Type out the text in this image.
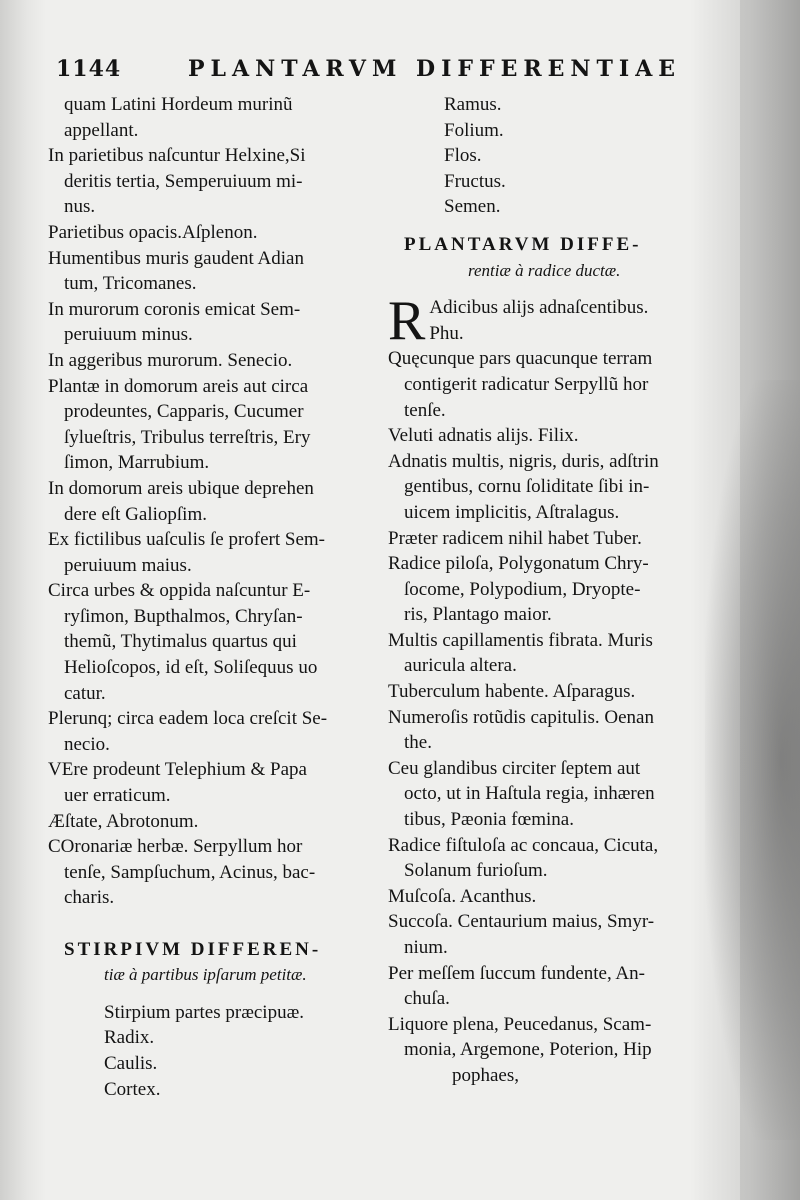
1144	PLANTARVM DIFFERENTIAE
quam Latini Hordeum murinũ
appellant.
In parietibus naſcuntur Helxine,Si
deritis tertia, Semperuiuum mi-
nus.
Parietibus opacis.Aſplenon.
Humentibus muris gaudent Adian
tum, Tricomanes.
In murorum coronis emicat Sem-
peruiuum minus.
In aggeribus murorum. Senecio.
Plantæ in domorum areis aut circa
prodeuntes, Capparis, Cucumer
ſylueſtris, Tribulus terreſtris, Ery
ſimon, Marrubium.
In domorum areis ubique deprehen
dere eſt Galiopſim.
Ex fictilibus uaſculis ſe profert Sem-
peruiuum maius.
Circa urbes & oppida naſcuntur E-
ryſimon, Bupthalmos, Chryſan-
themũ, Thytimalus quartus qui
Helioſcopos, id eſt, Soliſequus uo
catur.
Plerunq; circa eadem loca creſcit Se-
necio.
VEre prodeunt Telephium & Papa
uer erraticum.
Æſtate, Abrotonum.
COronariæ herbæ. Serpyllum hor
tenſe, Sampſuchum, Acinus, bac-
charis.
STIRPIVM DIFFEREN-
tiæ à partibus ipſarum petitæ.
Stirpium partes præcipuæ.
Radix.
Caulis.
Cortex.
Ramus.
Folium.
Flos.
Fructus.
Semen.
PLANTARVM DIFFE-
rentiæ à radice ductæ.
R Adicibus alijs adnaſcentibus.
Phu.
Quęcunque pars quacunque terram
contigerit radicatur Serpyllũ hor
tenſe.
Veluti adnatis alijs. Filix.
Adnatis multis, nigris, duris, adſtrin
gentibus, cornu ſoliditate ſibi in-
uicem implicitis, Aſtralagus.
Præter radicem nihil habet Tuber.
Radice piloſa, Polygonatum Chry-
ſocome, Polypodium, Dryopte-
ris, Plantago maior.
Multis capillamentis fibrata. Muris
auricula altera.
Tuberculum habente. Aſparagus.
Numeroſis rotũdis capitulis. Oenan
the.
Ceu glandibus circiter ſeptem aut
octo, ut in Haſtula regia, inhæren
tibus, Pæonia fœmina.
Radice fiſtuloſa ac concaua, Cicuta,
Solanum furioſum.
Muſcoſa. Acanthus.
Succoſa. Centaurium maius, Smyr-
nium.
Per meſſem ſuccum fundente, An-
chuſa.
Liquore plena, Peucedanus, Scam-
monia, Argemone, Poterion, Hip
pophaes,
